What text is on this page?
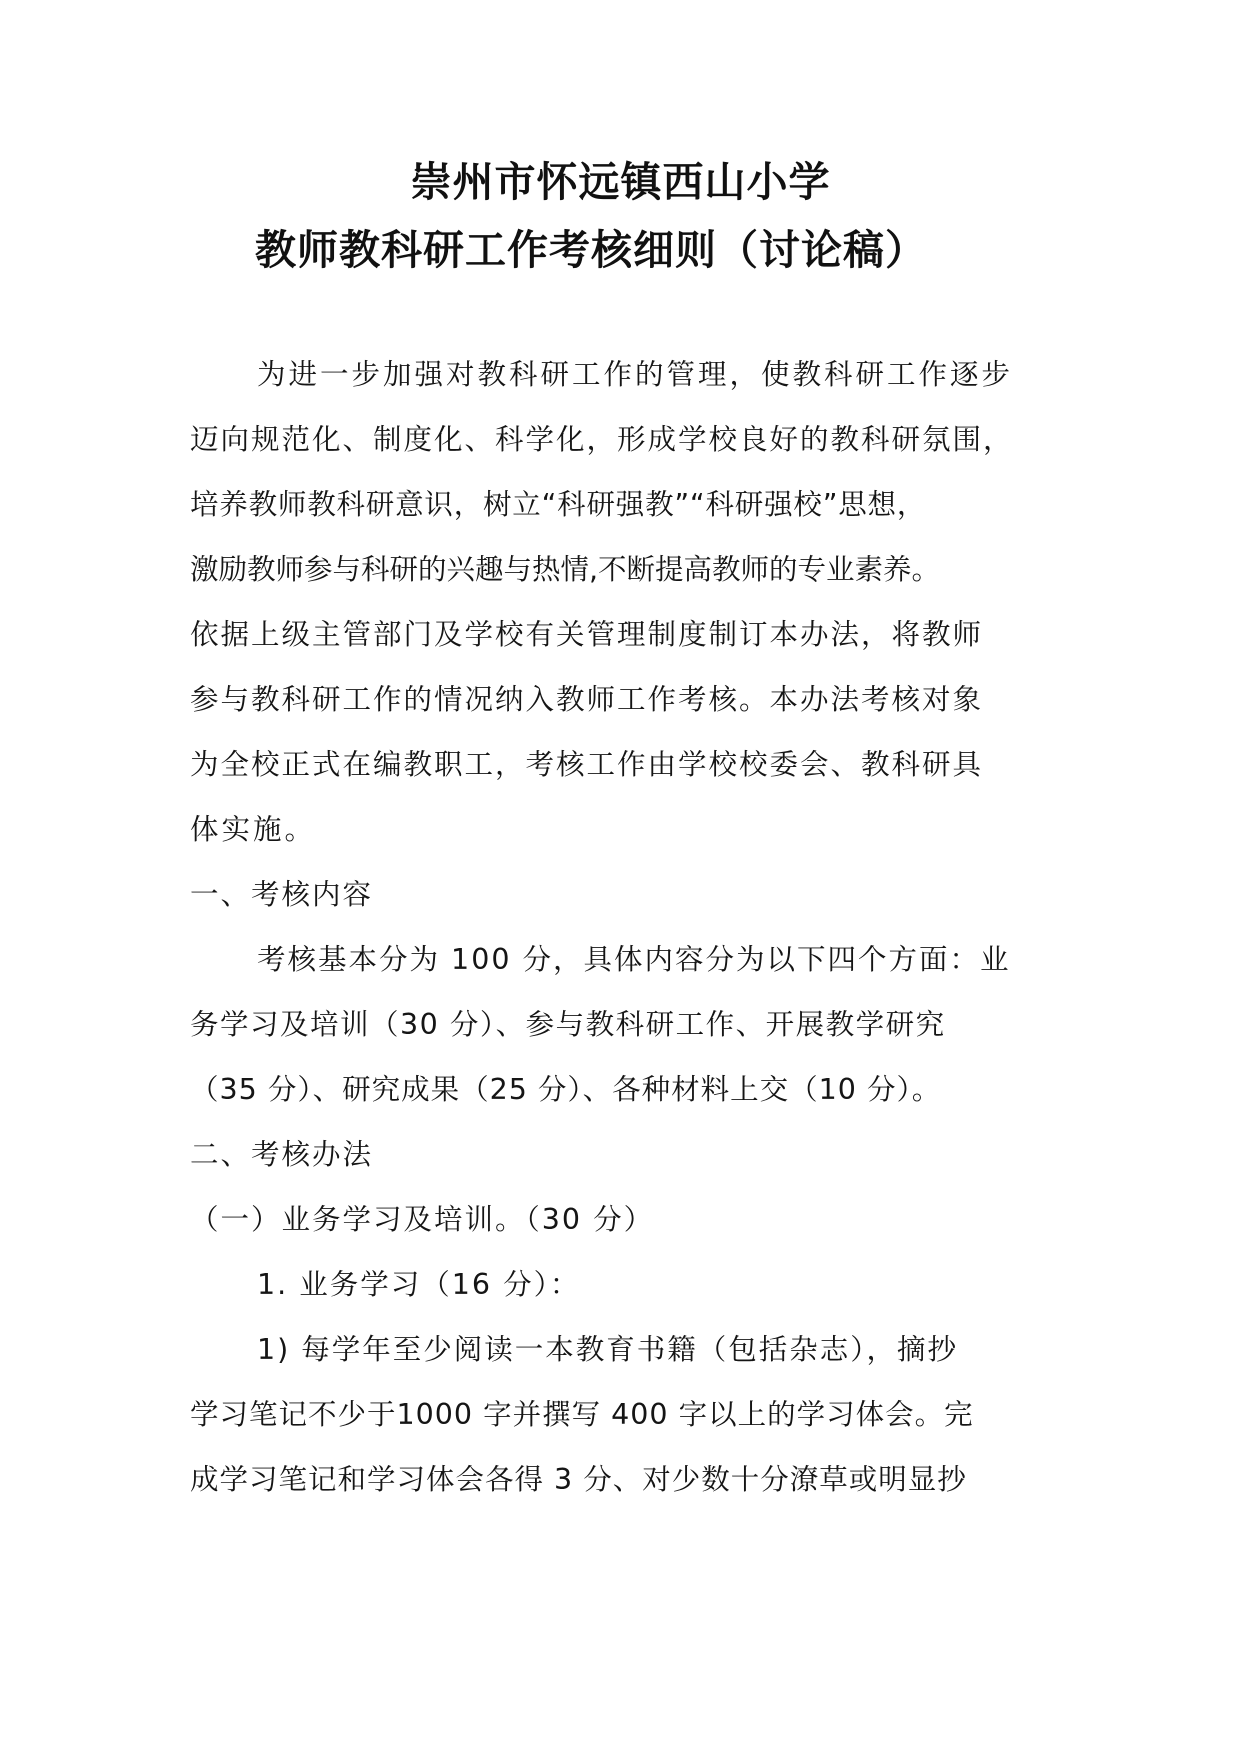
崇州市怀远镇西山小学
教师教科研工作考核细则（讨论稿）
为进一步加强对教科研工作的管理，使教科研工作逐步
迈向规范化、制度化、科学化，形成学校良好的教科研氛围，
培养教师教科研意识，树立“科研强教”“科研强校”思想，
激励教师参与科研的兴趣与热情,不断提高教师的专业素养。
依据上级主管部门及学校有关管理制度制订本办法，将教师
参与教科研工作的情况纳入教师工作考核。本办法考核对象
为全校正式在编教职工，考核工作由学校校委会、教科研具
体实施。
一、考核内容
考核基本分为 100 分，具体内容分为以下四个方面：业
务学习及培训（30 分）、参与教科研工作、开展教学研究
（35 分）、研究成果（25 分）、各种材料上交（10 分）。
二、考核办法
（一）业务学习及培训。（30 分）
1. 业务学习（16 分）：
1) 每学年至少阅读一本教育书籍（包括杂志），摘抄
学习笔记不少于1000 字并撰写 400 字以上的学习体会。完
成学习笔记和学习体会各得 3 分、对少数十分潦草或明显抄
